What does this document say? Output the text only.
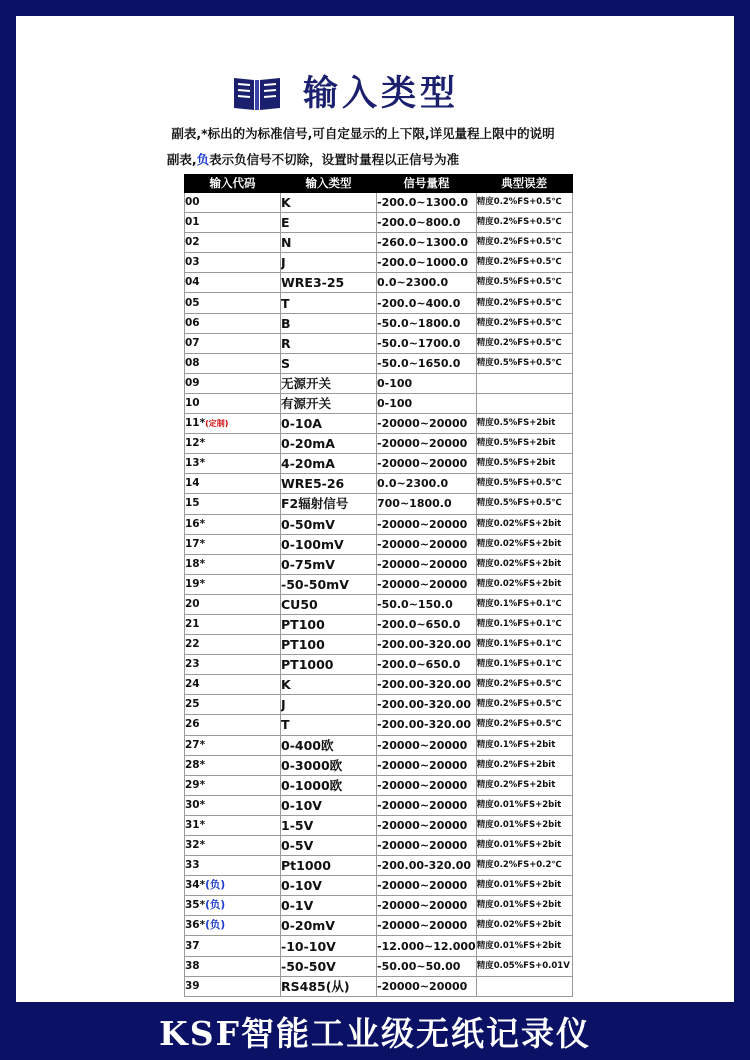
输入类型
副表,*标出的为标准信号,可自定显示的上下限,详见量程上限中的说明
副表,负表示负信号不切除，设置时量程以正信号为准
输入代码	输入类型	信号量程	典型误差
00	K	-200.0~1300.0	精度0.2%FS+0.5℃
01	E	-200.0~800.0	精度0.2%FS+0.5℃
02	N	-260.0~1300.0	精度0.2%FS+0.5℃
03	J	-200.0~1000.0	精度0.2%FS+0.5℃
04	WRE3-25	0.0~2300.0	精度0.5%FS+0.5℃
05	T	-200.0~400.0	精度0.2%FS+0.5℃
06	B	-50.0~1800.0	精度0.2%FS+0.5℃
07	R	-50.0~1700.0	精度0.2%FS+0.5℃
08	S	-50.0~1650.0	精度0.5%FS+0.5℃
09	无源开关	0-100	
10	有源开关	0-100	
11*(定制)	0-10A	-20000~20000	精度0.5%FS+2bit
12*	0-20mA	-20000~20000	精度0.5%FS+2bit
13*	4-20mA	-20000~20000	精度0.5%FS+2bit
14	WRE5-26	0.0~2300.0	精度0.5%FS+0.5℃
15	F2辐射信号	700~1800.0	精度0.5%FS+0.5℃
16*	0-50mV	-20000~20000	精度0.02%FS+2bit
17*	0-100mV	-20000~20000	精度0.02%FS+2bit
18*	0-75mV	-20000~20000	精度0.02%FS+2bit
19*	-50-50mV	-20000~20000	精度0.02%FS+2bit
20	CU50	-50.0~150.0	精度0.1%FS+0.1℃
21	PT100	-200.0~650.0	精度0.1%FS+0.1℃
22	PT100	-200.00-320.00	精度0.1%FS+0.1℃
23	PT1000	-200.0~650.0	精度0.1%FS+0.1℃
24	K	-200.00-320.00	精度0.2%FS+0.5℃
25	J	-200.00-320.00	精度0.2%FS+0.5℃
26	T	-200.00-320.00	精度0.2%FS+0.5℃
27*	0-400欧	-20000~20000	精度0.1%FS+2bit
28*	0-3000欧	-20000~20000	精度0.2%FS+2bit
29*	0-1000欧	-20000~20000	精度0.2%FS+2bit
30*	0-10V	-20000~20000	精度0.01%FS+2bit
31*	1-5V	-20000~20000	精度0.01%FS+2bit
32*	0-5V	-20000~20000	精度0.01%FS+2bit
33	Pt1000	-200.00-320.00	精度0.2%FS+0.2℃
34*(负)	0-10V	-20000~20000	精度0.01%FS+2bit
35*(负)	0-1V	-20000~20000	精度0.01%FS+2bit
36*(负)	0-20mV	-20000~20000	精度0.02%FS+2bit
37	-10-10V	-12.000~12.000	精度0.01%FS+2bit
38	-50-50V	-50.00~50.00	精度0.05%FS+0.01V
39	RS485(从)	-20000~20000	
KSF智能工业级无纸记录仪
